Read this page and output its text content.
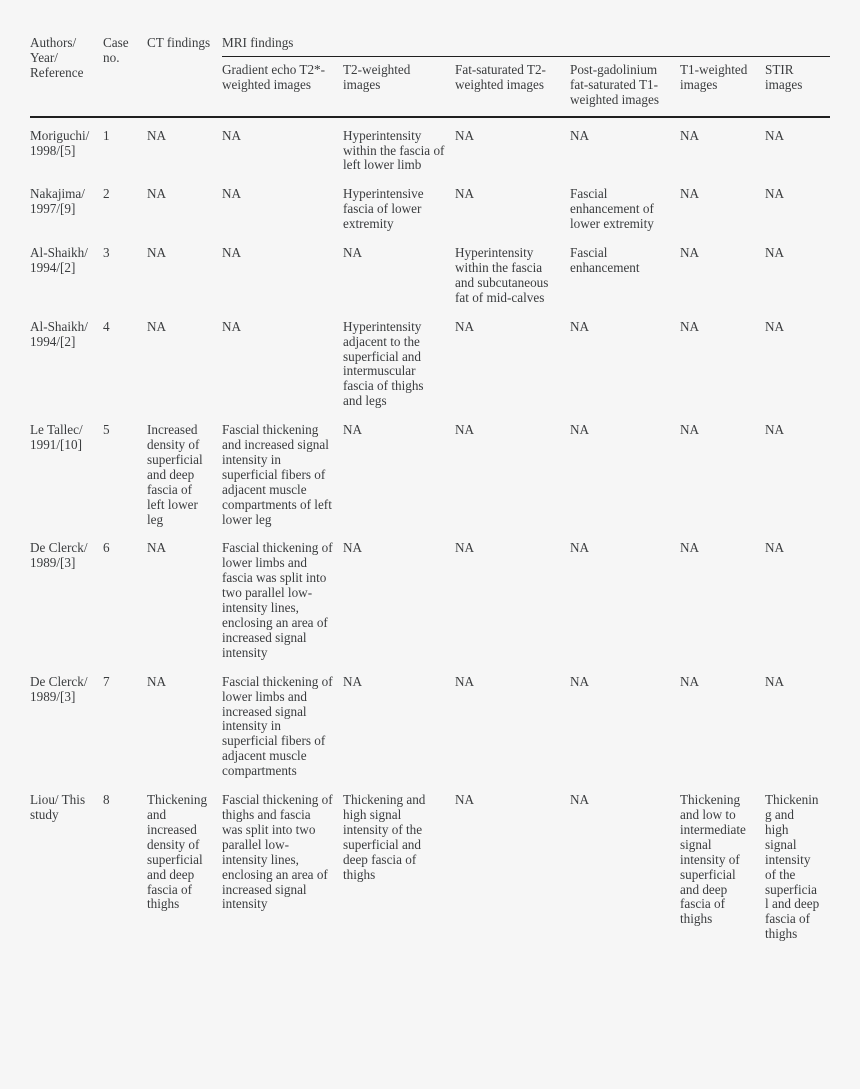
Authors/ Year/ Reference	Case no.	CT findings	MRI findings					
			Gradient echo T2*-weighted images	T2-weighted images	Fat-saturated T2-weighted images	Post-gadolinium fat-saturated T1-weighted images	T1-weighted images	STIR images
Moriguchi/ 1998/[5]	1	NA	NA	Hyperintensity within the fascia of left lower limb	NA	NA	NA	NA
Nakajima/ 1997/[9]	2	NA	NA	Hyperintensive fascia of lower extremity	NA	Fascial enhancement of lower extremity	NA	NA
Al-Shaikh/ 1994/[2]	3	NA	NA	NA	Hyperintensity within the fascia and subcutaneous fat of mid-calves	Fascial enhancement	NA	NA
Al-Shaikh/ 1994/[2]	4	NA	NA	Hyperintensity adjacent to the superficial and intermuscular fascia of thighs and legs	NA	NA	NA	NA
Le Tallec/ 1991/[10]	5	Increased density of superficial and deep fascia of left lower leg	Fascial thickening and increased signal intensity in superficial fibers of adjacent muscle compartments of left lower leg	NA	NA	NA	NA	NA
De Clerck/ 1989/[3]	6	NA	Fascial thickening of lower limbs and fascia was split into two parallel low-intensity lines, enclosing an area of increased signal intensity	NA	NA	NA	NA	NA
De Clerck/ 1989/[3]	7	NA	Fascial thickening of lower limbs and increased signal intensity in superficial fibers of adjacent muscle compartments	NA	NA	NA	NA	NA
Liou/ This study	8	Thickening and increased density of superficial and deep fascia of thighs	Fascial thickening of thighs and fascia was split into two parallel low-intensity lines, enclosing an area of increased signal intensity	Thickening and high signal intensity of the superficial and deep fascia of thighs	NA	NA	Thickening and low to intermediate signal intensity of superficial and deep fascia of thighs	Thickening and high signal intensity of the superficial and deep fascia of thighs
